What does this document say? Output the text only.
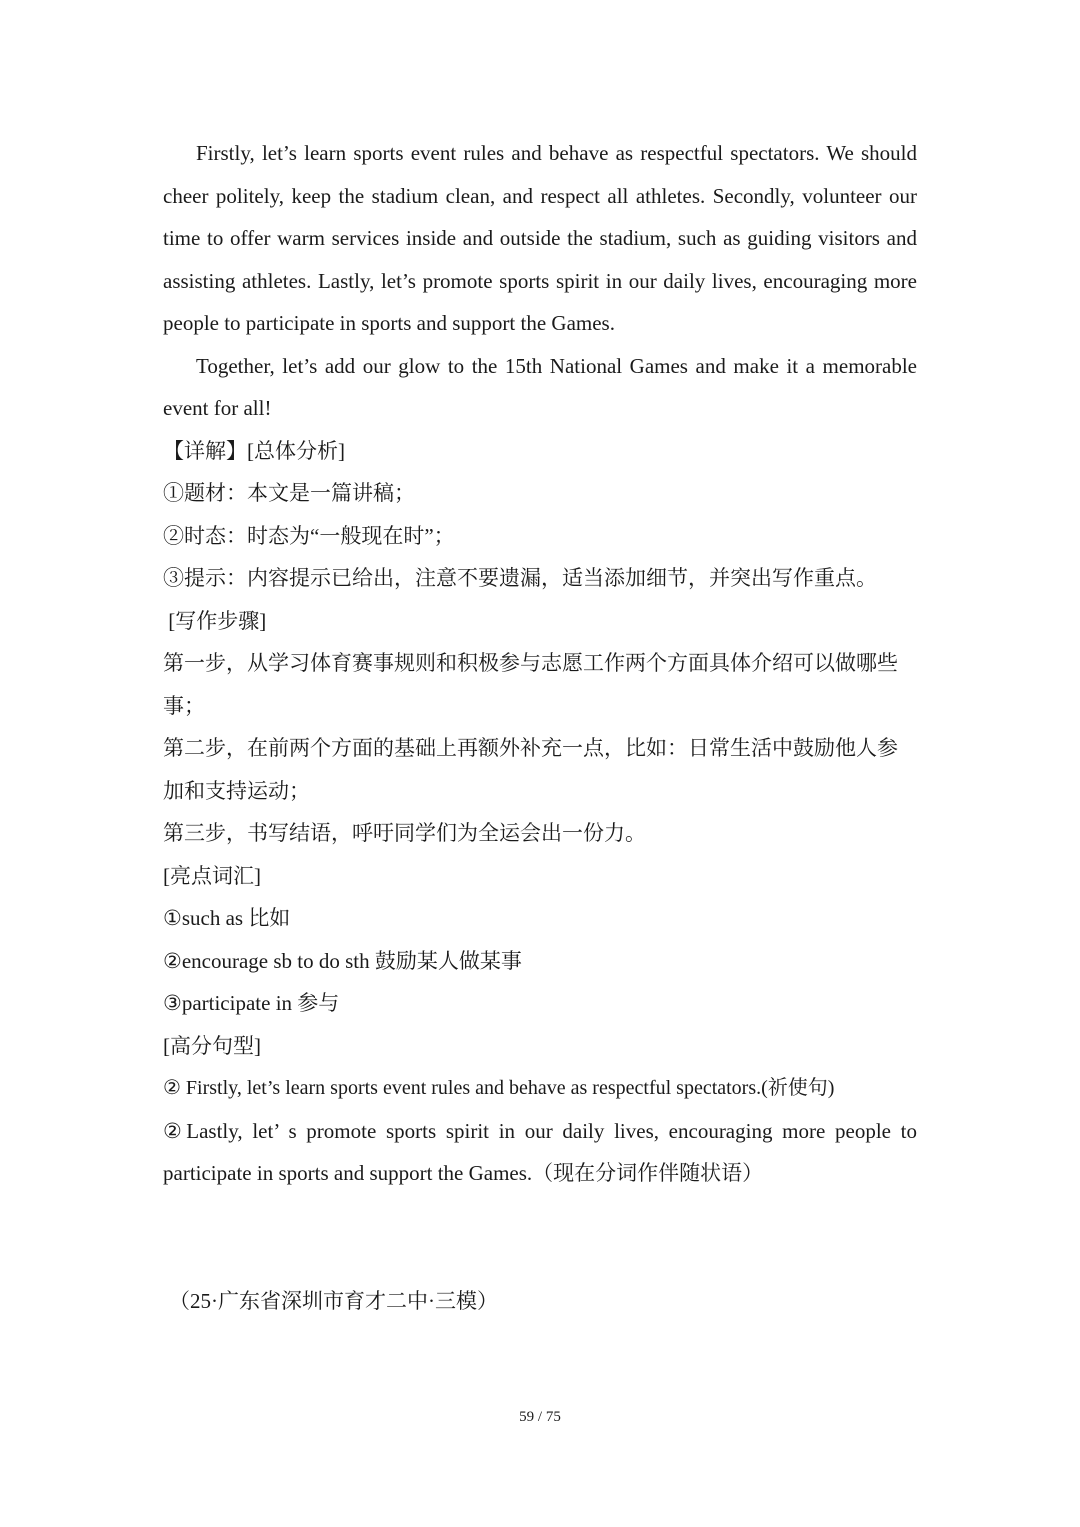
Firstly, let’s learn sports event rules and behave as respectful spectators. We should cheer politely, keep the stadium clean, and respect all athletes. Secondly, volunteer our time to offer warm services inside and outside the stadium, such as guiding visitors and assisting athletes. Lastly, let’s promote sports spirit in our daily lives, encouraging more people to participate in sports and support the Games.

Together, let’s add our glow to the 15th National Games and make it a memorable event for all!

【详解】[总体分析]

①题材：本文是一篇讲稿；

②时态：时态为“一般现在时”；

③提示：内容提示已给出，注意不要遗漏，适当添加细节，并突出写作重点。

[写作步骤]

第一步，从学习体育赛事规则和积极参与志愿工作两个方面具体介绍可以做哪些事；

第二步，在前两个方面的基础上再额外补充一点，比如：日常生活中鼓励他人参加和支持运动；

第三步，书写结语，呼吁同学们为全运会出一份力。

[亮点词汇]

①such as 比如

②encourage sb to do sth 鼓励某人做某事

③participate in 参与

[高分句型]

② Firstly, let’s learn sports event rules and behave as respectful spectators.(祈使句)

②Lastly, let’ s promote sports spirit in our daily lives, encouraging more people to participate in sports and support the Games.（现在分词作伴随状语）

（25·广东省深圳市育才二中·三模）

59 / 75
